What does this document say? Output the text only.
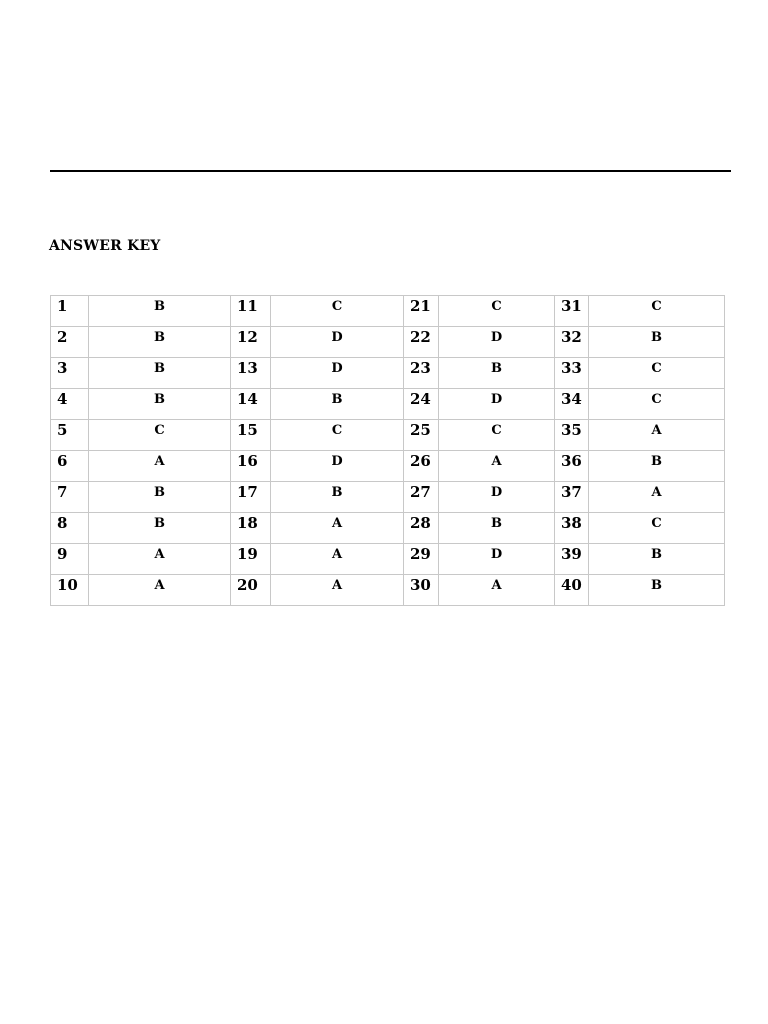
ANSWER KEY
1	B	11	C	21	C	31	C
2	B	12	D	22	D	32	B
3	B	13	D	23	B	33	C
4	B	14	B	24	D	34	C
5	C	15	C	25	C	35	A
6	A	16	D	26	A	36	B
7	B	17	B	27	D	37	A
8	B	18	A	28	B	38	C
9	A	19	A	29	D	39	B
10	A	20	A	30	A	40	B
